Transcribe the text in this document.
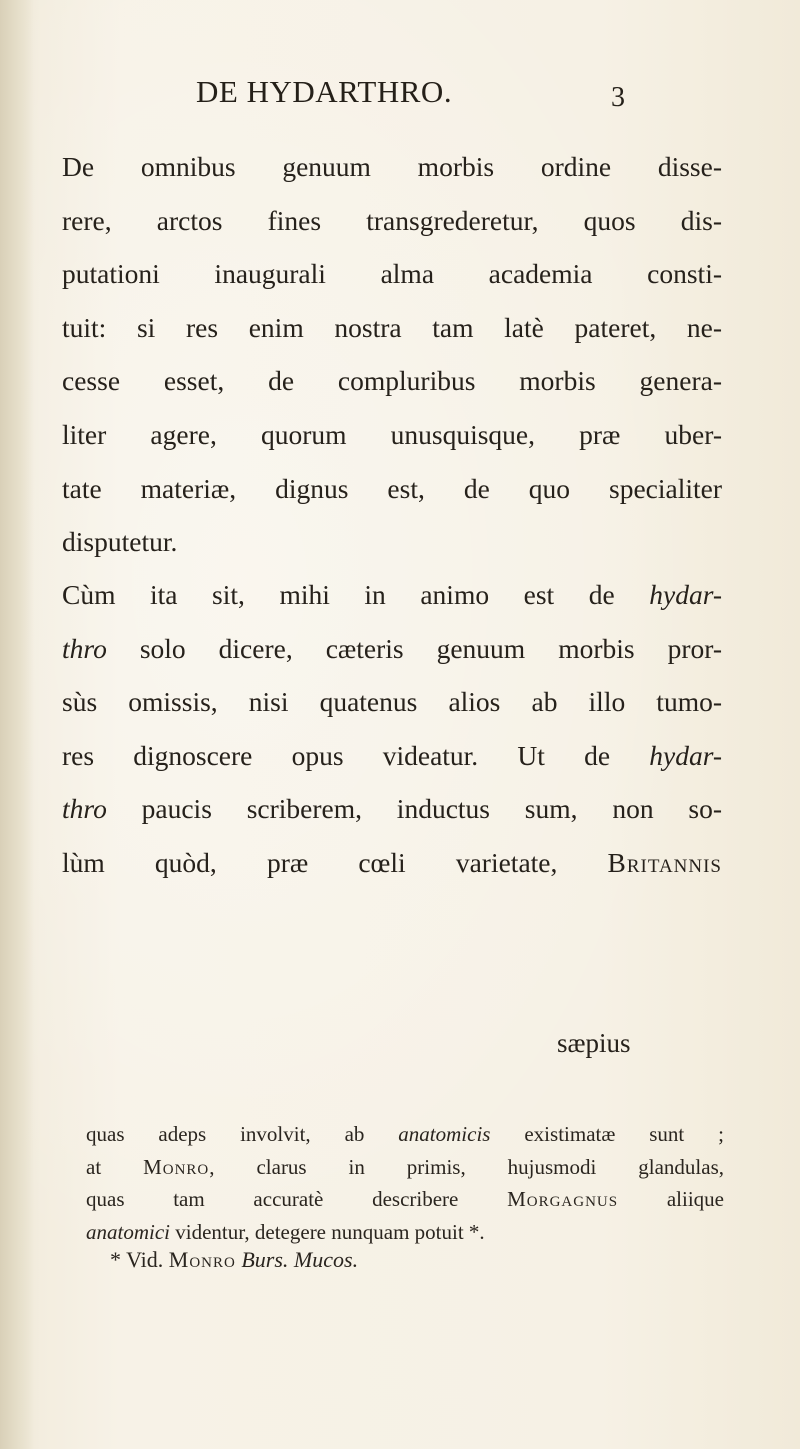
DE HYDARTHRO.	3
De omnibus genuum morbis ordine disse-
rere, arctos fines transgrederetur, quos dis-
putationi inaugurali alma academia consti-
tuit: si res enim nostra tam latè pateret, ne-
cesse esset, de compluribus morbis genera-
liter agere, quorum unusquisque, præ uber-
tate materiæ, dignus est, de quo specialiter
disputetur.
Cùm ita sit, mihi in animo est de hydar-
thro solo dicere, cæteris genuum morbis pror-
sùs omissis, nisi quatenus alios ab illo tumo-
res dignoscere opus videatur. Ut de hydar-
thro paucis scriberem, inductus sum, non so-
lùm quòd, præ cœli varietate, Britannis
sæpius
quas adeps involvit, ab anatomicis existimatæ sunt ;
at Monro, clarus in primis, hujusmodi glandulas,
quas tam accuratè describere Morgagnus aliique
anatomici videntur, detegere nunquam potuit *.
* Vid. Monro Burs. Mucos.
